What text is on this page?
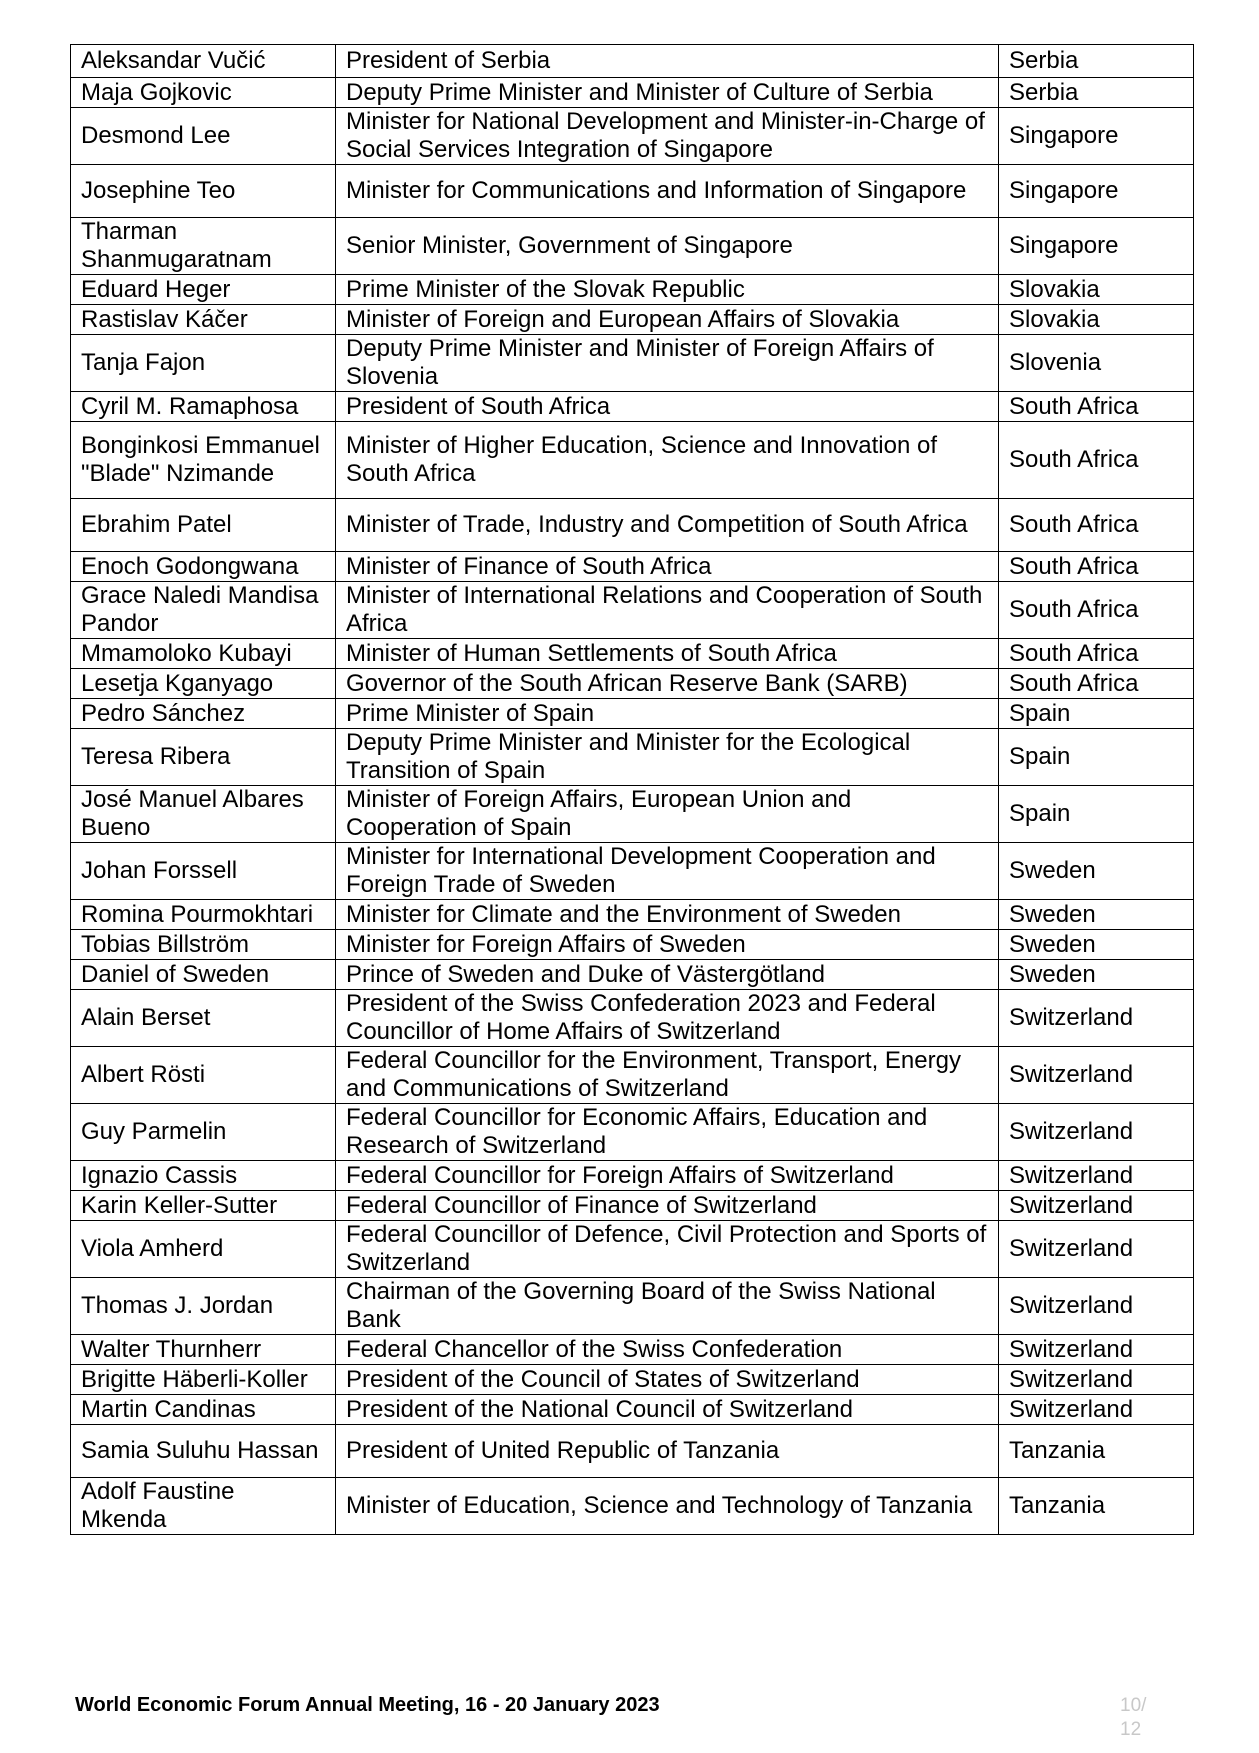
Aleksandar Vučić	President of Serbia	Serbia
Maja Gojkovic	Deputy Prime Minister and Minister of Culture of Serbia	Serbia
Desmond Lee	Minister for National Development and Minister-in-Charge of Social Services Integration of Singapore	Singapore
Josephine Teo	Minister for Communications and Information of Singapore	Singapore
Tharman Shanmugaratnam	Senior Minister, Government of Singapore	Singapore
Eduard Heger	Prime Minister of the Slovak Republic	Slovakia
Rastislav Káčer	Minister of Foreign and European Affairs of Slovakia	Slovakia
Tanja Fajon	Deputy Prime Minister and Minister of Foreign Affairs of Slovenia	Slovenia
Cyril M. Ramaphosa	President of South Africa	South Africa
Bonginkosi Emmanuel "Blade" Nzimande	Minister of Higher Education, Science and Innovation of South Africa	South Africa
Ebrahim Patel	Minister of Trade, Industry and Competition of South Africa	South Africa
Enoch Godongwana	Minister of Finance of South Africa	South Africa
Grace Naledi Mandisa Pandor	Minister of International Relations and Cooperation of South Africa	South Africa
Mmamoloko Kubayi	Minister of Human Settlements of South Africa	South Africa
Lesetja Kganyago	Governor of the South African Reserve Bank (SARB)	South Africa
Pedro Sánchez	Prime Minister of Spain	Spain
Teresa Ribera	Deputy Prime Minister and Minister for the Ecological Transition of Spain	Spain
José Manuel Albares Bueno	Minister of Foreign Affairs, European Union and Cooperation of Spain	Spain
Johan Forssell	Minister for International Development Cooperation and Foreign Trade of Sweden	Sweden
Romina Pourmokhtari	Minister for Climate and the Environment of Sweden	Sweden
Tobias Billström	Minister for Foreign Affairs of Sweden	Sweden
Daniel of Sweden	Prince of Sweden and Duke of Västergötland	Sweden
Alain Berset	President of the Swiss Confederation 2023 and Federal Councillor of Home Affairs of Switzerland	Switzerland
Albert Rösti	Federal Councillor for the Environment, Transport, Energy and Communications of Switzerland	Switzerland
Guy Parmelin	Federal Councillor for Economic Affairs, Education and Research of Switzerland	Switzerland
Ignazio Cassis	Federal Councillor for Foreign Affairs of Switzerland	Switzerland
Karin Keller-Sutter	Federal Councillor of Finance of Switzerland	Switzerland
Viola Amherd	Federal Councillor of Defence, Civil Protection and Sports of Switzerland	Switzerland
Thomas J. Jordan	Chairman of the Governing Board of the Swiss National Bank	Switzerland
Walter Thurnherr	Federal Chancellor of the Swiss Confederation	Switzerland
Brigitte Häberli-Koller	President of the Council of States of Switzerland	Switzerland
Martin Candinas	President of the National Council of Switzerland	Switzerland
Samia Suluhu Hassan	President of United Republic of Tanzania	Tanzania
Adolf Faustine Mkenda	Minister of Education, Science and Technology of Tanzania	Tanzania
World Economic Forum Annual Meeting, 16 - 20 January 2023	10/ 12
